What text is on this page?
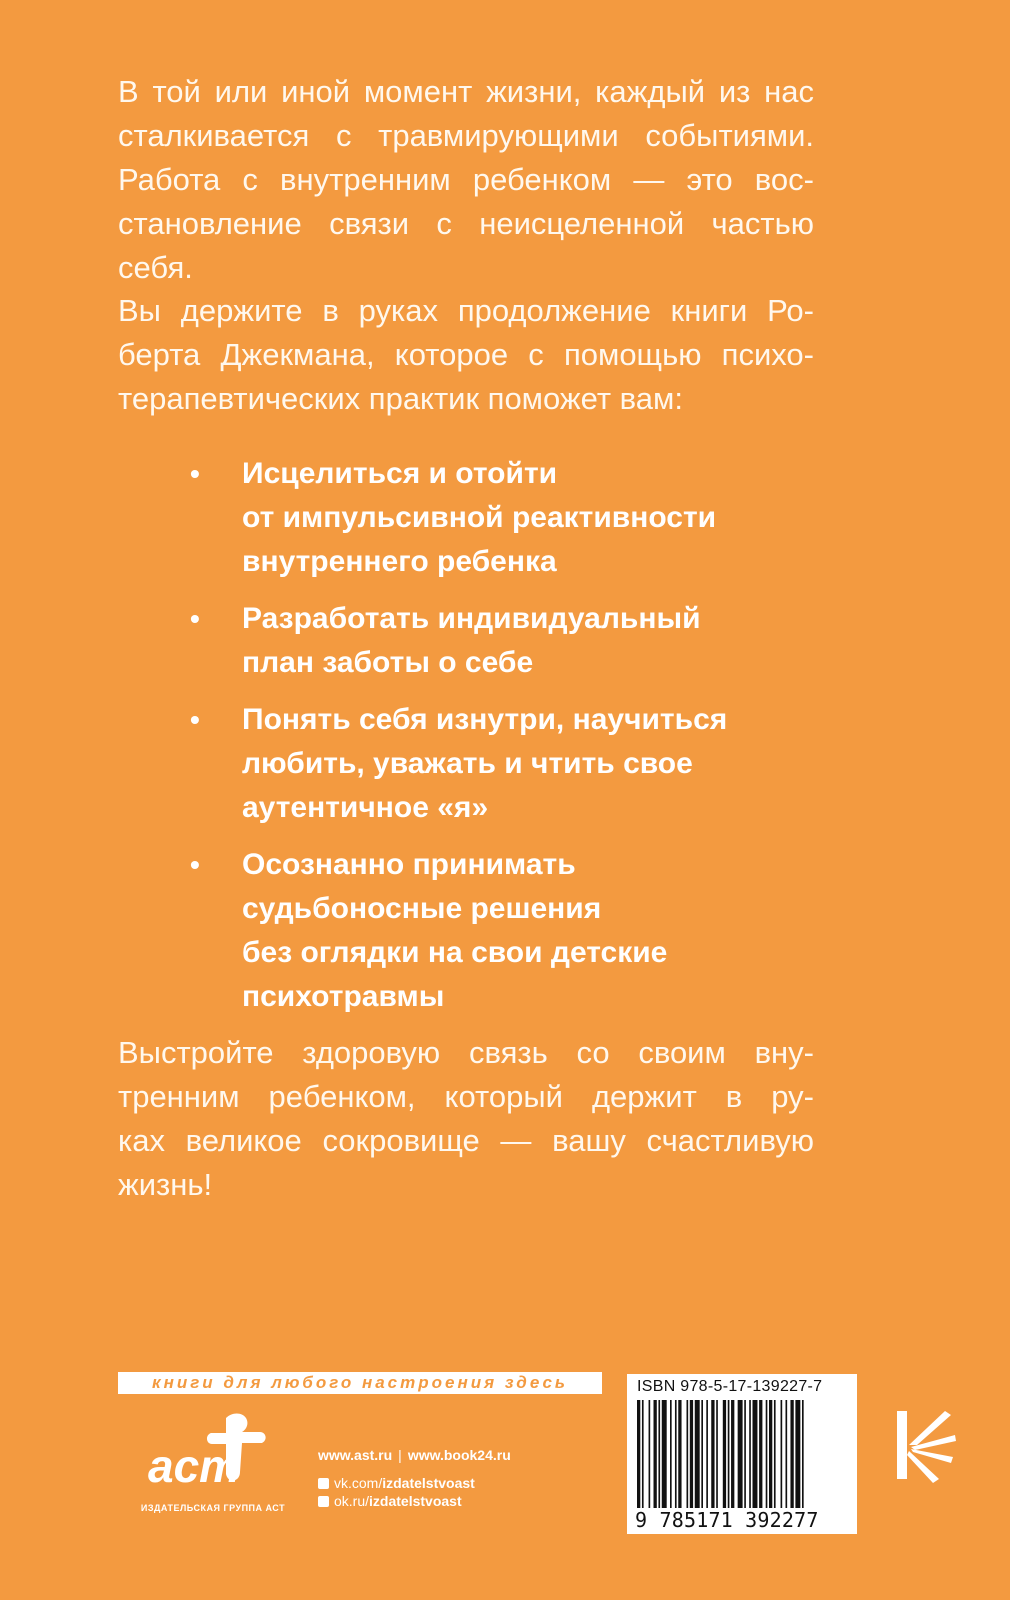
В той или иной момент жизни, каждый из нас
сталкивается с травмирующими событиями.
Работа с внутренним ребенком — это вос-
становление связи с неисцеленной частью
себя.

Вы держите в руках продолжение книги Ро-
берта Джекмана, которое с помощью психо-
терапевтических практик поможет вам:

• Исцелиться и отойти
от импульсивной реактивности
внутреннего ребенка
• Разработать индивидуальный
план заботы о себе
• Понять себя изнутри, научиться
любить, уважать и чтить свое
аутентичное «я»
• Осознанно принимать
судьбоносные решения
без оглядки на свои детские
психотравмы

Выстройте здоровую связь со своим вну-
тренним ребенком, который держит в ру-
ках великое сокровище — вашу счастливую
жизнь!

книги для любого настроения здесь
аст
ИЗДАТЕЛЬСКАЯ ГРУППА АСТ
www.ast.ru | www.book24.ru
vk.com/izdatelstvoast
ok.ru/izdatelstvoast
ISBN 978-5-17-139227-7
9 785171 392277
